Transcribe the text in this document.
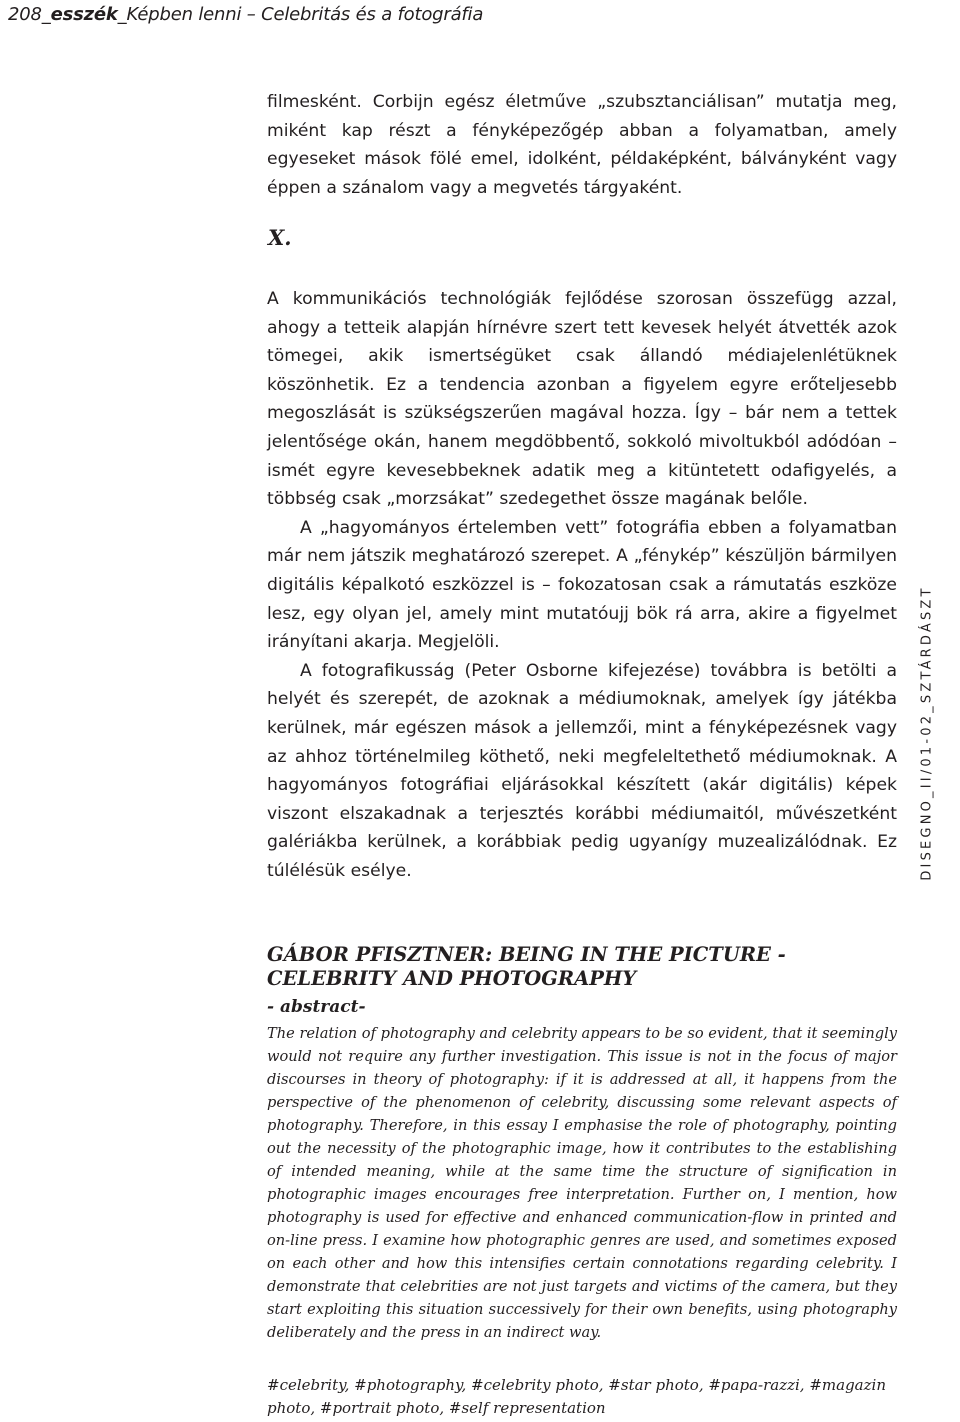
208_esszék_Képben lenni – Celebritás és a fotográfia

filmesként. Corbijn egész életműve „szubsztanciálisan” mutatja meg, miként kap részt a fényképezőgép abban a folyamatban, amely egyeseket mások fölé emel, idolként, példaképként, bálványként vagy éppen a szánalom vagy a megvetés tárgyaként.

X.

A kommunikációs technológiák fejlődése szorosan összefügg azzal, ahogy a tetteik alapján hírnévre szert tett kevesek helyét átvették azok tömegei, akik ismertségüket csak állandó médiajelenlétüknek köszönhetik. Ez a tendencia azonban a figyelem egyre erőteljesebb megoszlását is szükségszerűen magával hozza. Így – bár nem a tettek jelentősége okán, hanem megdöbbentő, sokkoló mivoltukból adódóan – ismét egyre kevesebbeknek adatik meg a kitüntetett odafigyelés, a többség csak „morzsákat” szedegethet össze magának belőle.

A „hagyományos értelemben vett” fotográfia ebben a folyamatban már nem játszik meghatározó szerepet. A „fénykép” készüljön bármilyen digitális képalkotó eszközzel is – fokozatosan csak a rámutatás eszköze lesz, egy olyan jel, amely mint mutatóujj bök rá arra, akire a figyelmet irányítani akarja. Megjelöli.

A fotografikusság (Peter Osborne kifejezése) továbbra is betölti a helyét és szerepét, de azoknak a médiumoknak, amelyek így játékba kerülnek, már egészen mások a jellemzői, mint a fényképezésnek vagy az ahhoz történelmileg köthető, neki megfeleltethető médiumoknak. A hagyományos fotográfiai eljárásokkal készített (akár digitális) képek viszont elszakadnak a terjesztés korábbi médiumaitól, művészetként galériákba kerülnek, a korábbiak pedig ugyanígy muzealizálódnak. Ez túlélésük esélye.	DISEGNO_II/01-02_SZTÁRDÁSZT
GÁBOR PFISZTNER: BEING IN THE PICTURE - CELEBRITY AND PHOTOGRAPHY
- abstract-

The relation of photography and celebrity appears to be so evident, that it seemingly would not require any further investigation. This issue is not in the focus of major discourses in theory of photography: if it is addressed at all, it happens from the perspective of the phenomenon of celebrity, discussing some relevant aspects of photography. Therefore, in this essay I emphasise the role of photography, pointing out the necessity of the photographic image, how it contributes to the establishing of intended meaning, while at the same time the structure of signification in photographic images encourages free interpretation. Further on, I mention, how photography is used for effective and enhanced communication-flow in printed and on-line press. I examine how photographic genres are used, and sometimes exposed on each other and how this intensifies certain connotations regarding celebrity. I demonstrate that celebrities are not just targets and victims of the camera, but they start exploiting this situation successively for their own benefits, using photography deliberately and the press in an indirect way.

#celebrity, #photography, #celebrity photo, #star photo, #papa-razzi, #magazin photo, #portrait photo, #self representation
